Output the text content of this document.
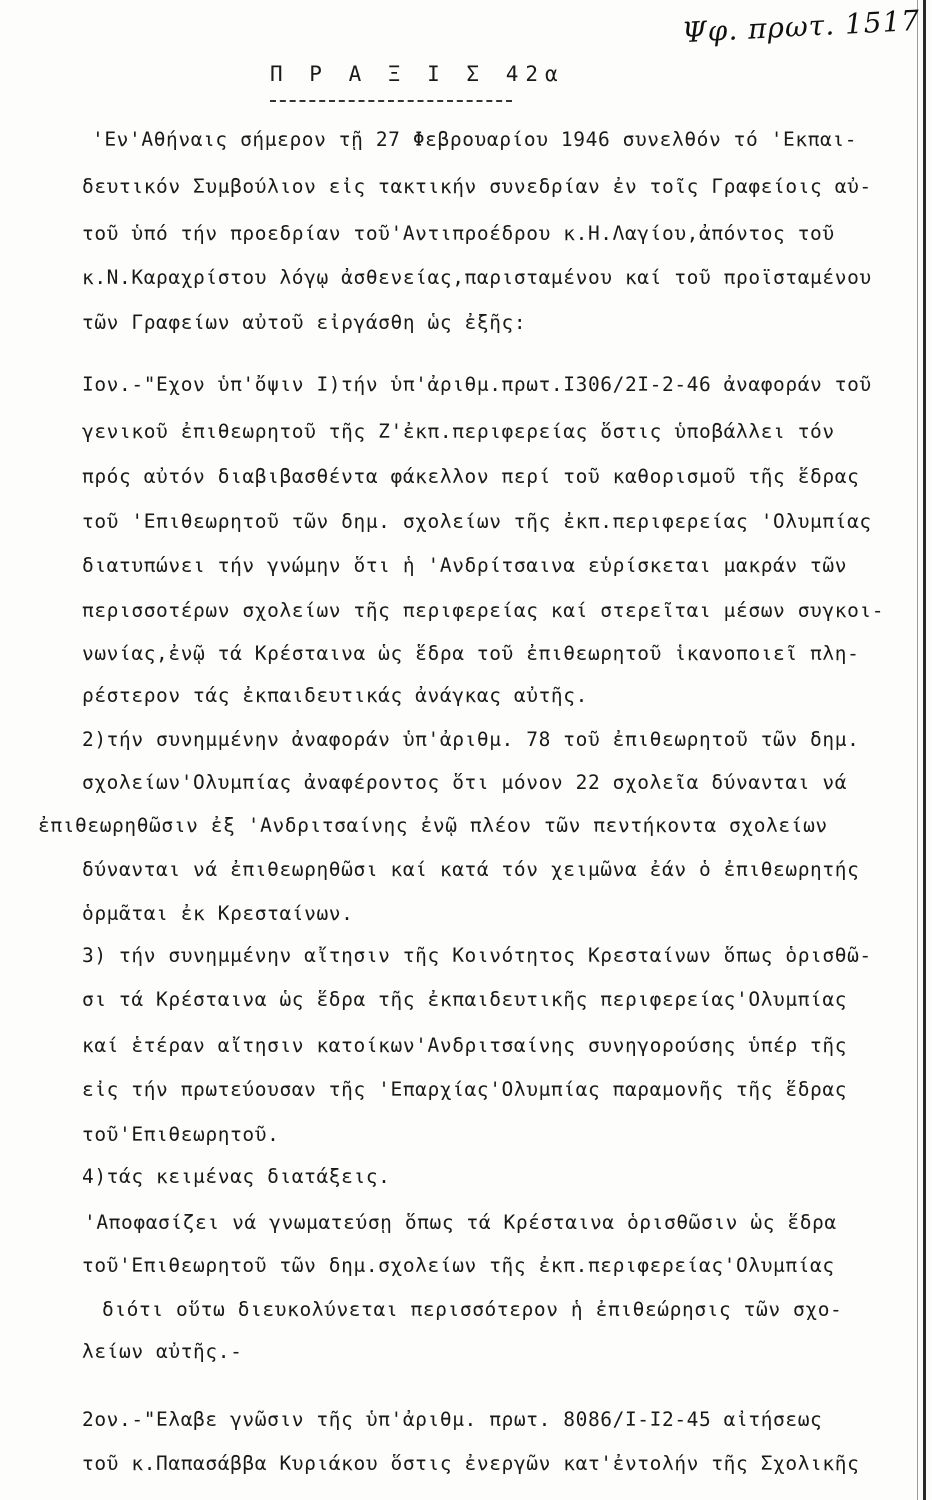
Ψφ. πρωτ. 1517
Π Ρ Α Ξ Ι Σ 42α
'Εν'Αθήναις σήμερον τῇ 27 Φεβρουαρίου 1946 συνελθόν τό 'Εκπαι-
δευτικόν Συμβούλιον εἰς τακτικήν συνεδρίαν ἐν τοῖς Γραφείοις αὐ-
τοῦ ὑπό τήν προεδρίαν τοῦ'Αντιπροέδρου κ.Η.Λαγίου,ἀπόντος τοῦ
κ.Ν.Καραχρίστου λόγῳ ἀσθενείας,παρισταμένου καί τοῦ προϊσταμένου
τῶν Γραφείων αὐτοῦ εἰργάσθη ὡς ἐξῆς:
Ιον.-"Εχον ὑπ'ὄψιν Ι)τήν ὑπ'ἀριθμ.πρωτ.Ι306/2Ι-2-46 ἀναφοράν τοῦ
γενικοῦ ἐπιθεωρητοῦ τῆς Ζ'ἐκπ.περιφερείας ὅστις ὑποβάλλει τόν
πρός αὐτόν διαβιβασθέντα φάκελλον περί τοῦ καθορισμοῦ τῆς ἕδρας
τοῦ 'Επιθεωρητοῦ τῶν δημ. σχολείων τῆς ἐκπ.περιφερείας 'Ολυμπίας
διατυπώνει τήν γνώμην ὅτι ἡ 'Ανδρίτσαινα εὑρίσκεται μακράν τῶν
περισσοτέρων σχολείων τῆς περιφερείας καί στερεῖται μέσων συγκοι-
νωνίας,ἐνῷ τά Κρέσταινα ὡς ἕδρα τοῦ ἐπιθεωρητοῦ ἱκανοποιεῖ πλη-
ρέστερον τάς ἐκπαιδευτικάς ἀνάγκας αὐτῆς.
2)τήν συνημμένην ἀναφοράν ὑπ'ἀριθμ. 78 τοῦ ἐπιθεωρητοῦ τῶν δημ.
σχολείων'Ολυμπίας ἀναφέροντος ὅτι μόνον 22 σχολεῖα δύνανται νά
ἐπιθεωρηθῶσιν ἐξ 'Ανδριτσαίνης ἐνῷ πλέον τῶν πεντήκοντα σχολείων
δύνανται νά ἐπιθεωρηθῶσι καί κατά τόν χειμῶνα ἐάν ὁ ἐπιθεωρητής
ὁρμᾶται ἐκ Κρεσταίνων.
3) τήν συνημμένην αἴτησιν τῆς Κοινότητος Κρεσταίνων ὅπως ὁρισθῶ-
σι τά Κρέσταινα ὡς ἕδρα τῆς ἐκπαιδευτικῆς περιφερείας'Ολυμπίας
καί ἑτέραν αἴτησιν κατοίκων'Ανδριτσαίνης συνηγορούσης ὑπέρ τῆς
εἰς τήν πρωτεύουσαν τῆς 'Επαρχίας'Ολυμπίας παραμονῆς τῆς ἕδρας
τοῦ'Επιθεωρητοῦ.
4)τάς κειμένας διατάξεις.
'Αποφασίζει νά γνωματεύσῃ ὅπως τά Κρέσταινα ὁρισθῶσιν ὡς ἕδρα
τοῦ'Επιθεωρητοῦ τῶν δημ.σχολείων τῆς ἐκπ.περιφερείας'Ολυμπίας
διότι οὕτω διευκολύνεται περισσότερον ἡ ἐπιθεώρησις τῶν σχο-
λείων αὐτῆς.-
2ον.-"Ελαβε γνῶσιν τῆς ὑπ'ἀριθμ. πρωτ. 8086/Ι-Ι2-45 αἰτήσεως
τοῦ κ.Παπασάββα Κυριάκου ὅστις ἐνεργῶν κατ'ἐντολήν τῆς Σχολικῆς
